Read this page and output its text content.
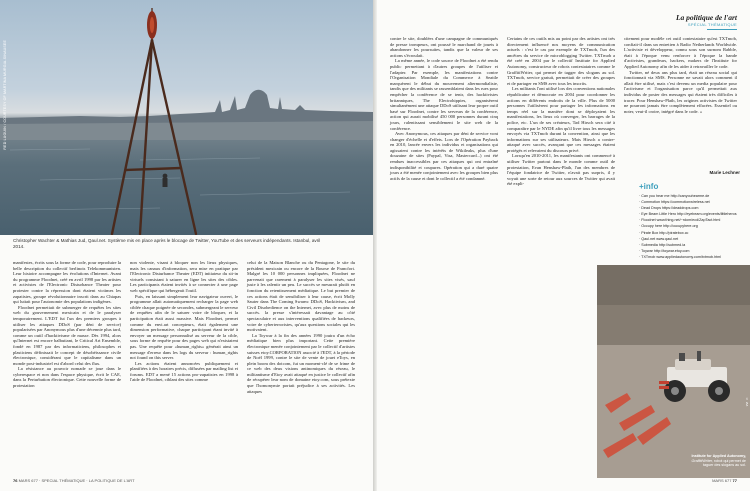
RED LUGUIN / COURTESY OF MARTINA MURGIA-SINAUSEE
Christopher Wachter & Mathias Jud, Qaul.net. Système mis en place après le blocage de Twitter, YouTube et des serveurs indépendants. Istanbul, avril 2014.

manifestes, écrits sous la forme de code, pour reproduire la belle description du collectif berlinois Telekommunisten. Leur histoire accompagne les évolutions d'Internet. Avant du programme Floodnet, créé en avril 1998 par les artistes et activistes de l'Electronic Disturbance Theater pour protester contre la répression dont étaient victimes les zapatistes, groupe révolutionnaire inscrit dans au Chiapas qui luttait pour l'autonomie des populations indigènes.

Floodnet permettait de submerger de requêtes les sites web du gouvernement mexicain et de le paralyser temporairement. L'EDT fut l'un des premiers groupes à utiliser les attaques DDoS (par déni de service) popularisées par Anonymous plus d'une décennie plus tard, comme un outil d'hacktivisme de masse. Dès 1994, alors qu'Internet est encore balbutiant, le Critical Art Ensemble, fondé en 1987 par des informaticiens, philosophes et plasticiens définissait le concept de désobéissance civile électronique, considérant que le capitalisme dans un monde post-industriel est d'abord celui des flux.

La résistance au pouvoir nomade se joue dans le cyberespace et non dans l'espace physique, écrit le CAE, dans la Perturbation électronique. Cette nouvelle forme de protestation

non violente, visant à bloquer non les lieux physiques, mais les canaux d'information, sera mise en pratique par l'Electronic Disturbance Theater (EDT) initiateur du sit-in virtuels consistant à saturer en ligne les sites des cibles. Les participants étaient invités à se connecter à une page web spécifique qui hébergeait l'outil.

Puis, en laissant simplement leur navigateur ouvert, le programme allait automatiquement recharger la page web ciblée chaque poignée de secondes, submergeant le serveur de requêtes afin de le saturer voire de bloquer, et la participation était aussi massive. Mais Floodnet, permet comme du envi.art concepteurs, était également une dimension performative, chaque participant étant invité à envoyer un message personnalisé au serveur de la cible, sous forme de requête pour des pages web qui n'existaient pas. Une requête pour «human_rights» générait ainsi un message d'erreur dans les logs du serveur : human_rights not found on this server.

Les actions étaient annoncées publiquement et planifiées à des horaires précis, diffusées par mailing list et forums. EDT a mené 15 actions pro-zapatistes en 1998 à l'aide de Floodnet, ciblant des sites comme

celui de la Maison Blanche ou du Pentagone, le site du président mexicain ou encore de la Bourse de Francfort. Malgré les 10 000 personnes impliquées, Floodnet ne parvenait que rarement à paralyser les sites visés, sauf juste à les ralentir un peu. Le succès se mesurait plutôt en fonction du retentissement médiatique. Le but premier de ces actions était de sensibiliser à leur cause, écrit Molly Sauter dans The Coming Swarm: DDoS, Hacktivism, and Civil Disobedience on the Internet, avec plus de moins de succès. la presse s'intéressait davantage au côté spectaculaire et aux interventions qualifiées de hackeurs, voire de cyberterroristes, qu'aux questions sociales qui les motivaient.

La Toywar à la fin des années 1990 jouira d'un écho médiatique bien plus important. Cette première électronique menée conjointement par le collectif d'artistes suisses etoy.CORPORATION associé à l'EDT, à la période de Noël 1999, contre le site de vente de jouet eToys, en plein boom des dotcom, fut un moment-clé de se frime de ce web des deux visions antinomiques du réseau, le militantisme d'Etoy avait attaqué en justice le collectif afin de récupérer leur nom de domaine etoy.com, sous prétexte que l'homonymie portait préjudice à ses activités. Les attaques

76 MARS 677 · SPECIAL THÉMATIQUE · LA POLITIQUE DE L'ART
La politique de l'art
SPÉCIAL THÉMATIQUE

contre le site, doublées d'une campagne de communiqués de presse trompeurs, ont poussé le marchand de jouets à abandonner les poursuites, tandis que la valeur de ses actions s'écroulait.

La même année, le code source de Floodnet a été rendu public permettant à d'autres groupes de l'utiliser et l'adapter. Par exemple, les manifestations contre l'Organisation Mondiale du Commerce à Seattle marquèrent le début du mouvement altermondialiste, tandis que des militants se rassemblaient dans les rues pour empêcher la conférence de se tenir, des hacktivistes britanniques, The Electrohippies, organisèrent simultanément une attaque DDoS utilisant leur propre outil basé sur Floodnet, contre les serveurs de la conférence, action qui aurait mobilisé 450 000 personnes durant cinq jours, ralentissant sensiblement le site web de la conférence.

Avec Anonymous, ces attaques par déni de service vont changer d'échelle et d'effets. Lors de l'Opération Payback en 2010, lancée envers les individus et organisations qui agissaient contre les intérêts de Wikileaks, plus d'une douzaine de sites (Paypal, Visa, Mastercard...) ont été rendues inaccessibles par ces attaques qui ont entraîné indisponibilité et coupures. Opération qui a duré quatre jours a été menée conjointement avec les groupes bien plus actifs de la cause et dont le collectif a été condamné.

Certains de ces outils mis au point par des artistes ont très directement influencé nos moyens de communication actuels : c'est le cas par exemple de TXTmob, l'un des ancêtres du service de microblogging Twitter. TXTmob a été créé en 2004 par le collectif Institute for Applied Autonomy, constructeur de robots contestataires comme le GraffitiWriter, qui permet de tagger des slogans au sol. TXTmob, service gratuit, permettait de créer des groupes et de partager en SMS avec tous les inscrits.

Les militants l'ont utilisé lors des conventions nationales républicaine et démocrate en 2004 pour coordonner les actions en différents endroits de la ville. Plus de 5000 personnes l'utilisèrent pour partager les informations en temps réel sur la manière dont se déployaient les manifestations, les lieux où converger, les barrages de la police, etc. L'un de ses créateurs, Tad Hirsch sera cité à comparaître par le NYDE afin qu'il livre tous les messages envoyés via TXTmob durant la convention, ainsi que les informations sur ses utilisateurs. Mais Hirsch a contre-attaqué avec succès, avançant que ces messages étaient protégés et relevaient du discours privé.

Lorsqu'en 2010-2011, les manifestants ont commencé à utiliser Twitter partout dans le monde comme outil de protestation, Evan Henshaw-Plath, l'un des membres de l'équipe fondatrice de Twitter, n'avait pas surpris, il y voyait une sorte de retour aux sources de Twitter qui avait été expli-

citement pour modèle cet outil contestataire qu'est TXTmob, confiait-il dans un entretien à Radio Netherlands Worldwide. L'activiste et développeur, connu sous son surnom Rabble, était à l'époque venu renforcer à l'époque la bande d'activistes, grandeurs, hackers, makers de l'Institute for Applied Autonomy afin de les aider à retravailler le code.

Twitter, né deux ans plus tard, était un réseau social qui fonctionnait via SMS. Personne ne savait alors comment il allait être utilisé, mais c'est devenu un media populaire pour l'activisme et l'organisation parce qu'il permettait aux individus de poster des messages qui étaient très difficiles à tracer. Pour Henshaw-Plath, les origines activistes de Twitter ne pourront jamais être complètement effacées. Essentiel ou noter, veut-il croire, intégré dans le code. »

Marie Lechner
+info
· Can you hear me http://canyouhearme.de
· Commotion https://commotionwireless.net
· Dead Drops https://deaddrops.com
· Eye Beam Little Hero http://eyebeam.org/events/littleheros
· Floodnet www.thing.net/~rdom/ecd/ZapTact.html
· Occupy here http://occupyhere.org
· Pirate Box http://piratebox.cc
· Qaul.net www.qaul.net
· Submedia http://submed.ia
· Toywar http://toywar.etoy.com
· TXTmob www.appliedautonomy.com/txtmob.html
Institute for Applied Autonomy, GraffitiWriter, robot qui permet de taguer des slogans au sol.
© IAA
MARS 677 77
